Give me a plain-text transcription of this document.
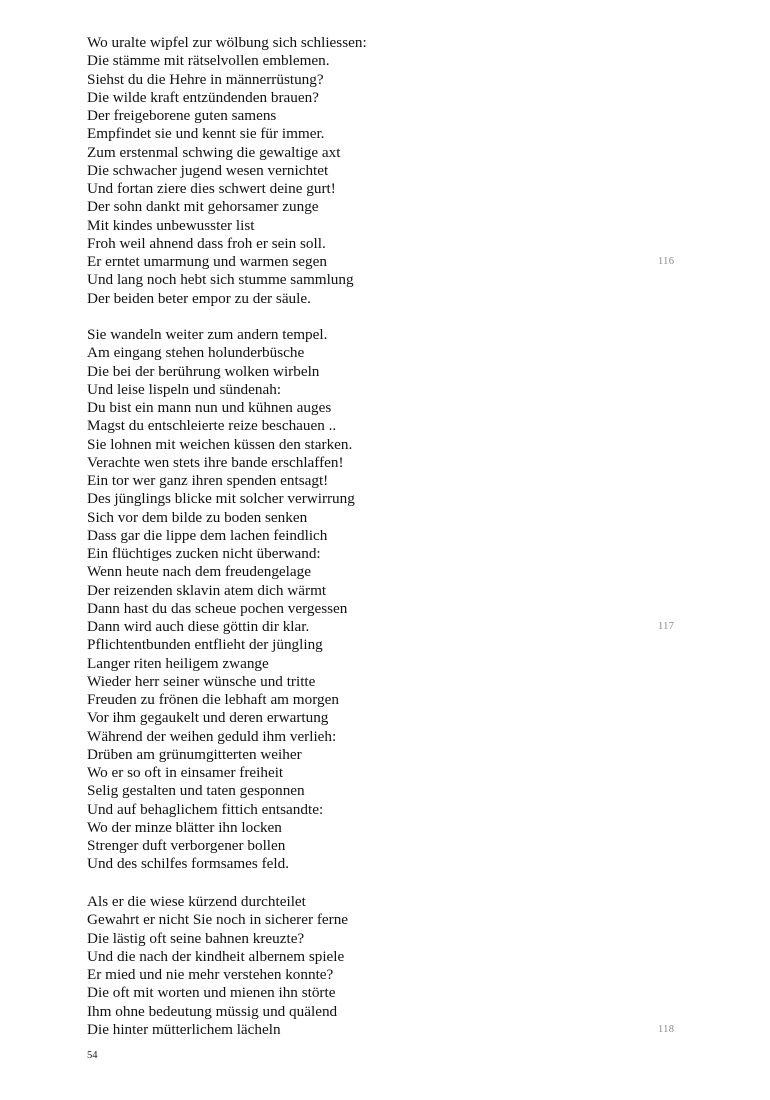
Wo uralte wipfel zur wölbung sich schliessen:
Die stämme mit rätselvollen emblemen.
Siehst du die Hehre in männerrüstung?
Die wilde kraft entzündenden brauen?
Der freigeborene guten samens
Empfindet sie und kennt sie für immer.
Zum erstenmal schwing die gewaltige axt
Die schwacher jugend wesen vernichtet
Und fortan ziere dies schwert deine gurt!
Der sohn dankt mit gehorsamer zunge
Mit kindes unbewusster list
Froh weil ahnend dass froh er sein soll.
Er erntet umarmung und warmen segen	116
Und lang noch hebt sich stumme sammlung
Der beiden beter empor zu der säule.
Sie wandeln weiter zum andern tempel.
Am eingang stehen holunderbüsche
Die bei der berührung wolken wirbeln
Und leise lispeln und sündenah:
Du bist ein mann nun und kühnen auges
Magst du entschleierte reize beschauen ..
Sie lohnen mit weichen küssen den starken.
Verachte wen stets ihre bande erschlaffen!
Ein tor wer ganz ihren spenden entsagt!
Des jünglings blicke mit solcher verwirrung
Sich vor dem bilde zu boden senken
Dass gar die lippe dem lachen feindlich
Ein flüchtiges zucken nicht überwand:
Wenn heute nach dem freudengelage
Der reizenden sklavin atem dich wärmt
Dann hast du das scheue pochen vergessen
Dann wird auch diese göttin dir klar.	117
Pflichtentbunden entflieht der jüngling
Langer riten heiligem zwange
Wieder herr seiner wünsche und tritte
Freuden zu frönen die lebhaft am morgen
Vor ihm gegaukelt und deren erwartung
Während der weihen geduld ihm verlieh:
Drüben am grünumgitterten weiher
Wo er so oft in einsamer freiheit
Selig gestalten und taten gesponnen
Und auf behaglichem fittich entsandte:
Wo der minze blätter ihn locken
Strenger duft verborgener bollen
Und des schilfes formsames feld.
Als er die wiese kürzend durchteilet
Gewahrt er nicht Sie noch in sicherer ferne
Die lästig oft seine bahnen kreuzte?
Und die nach der kindheit albernem spiele
Er mied und nie mehr verstehen konnte?
Die oft mit worten und mienen ihn störte
Ihm ohne bedeutung müssig und quälend
Die hinter mütterlichem lächeln	118
54
